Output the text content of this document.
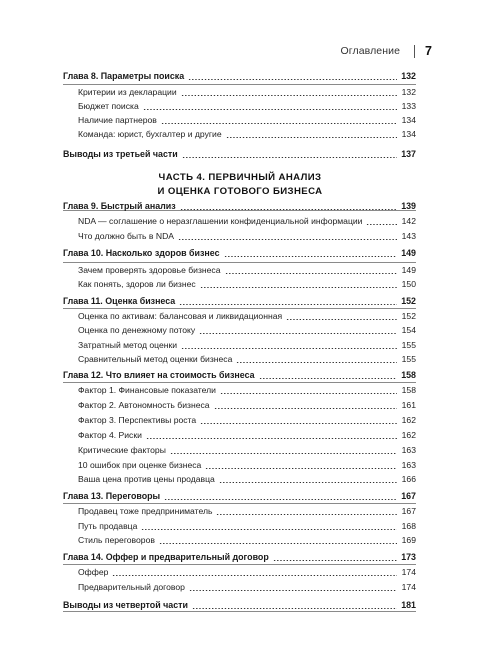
Оглавление 7
ЧАСТЬ 4. ПЕРВИЧНЫЙ АНАЛИЗ
И ОЦЕНКА ГОТОВОГО БИЗНЕСА
Глава 8. Параметры поиска	132
Критерии из декларации	132
Бюджет поиска	133
Наличие партнеров	134
Команда: юрист, бухгалтер и другие	134
Выводы из третьей части	137
Глава 9. Быстрый анализ	139
NDA — соглашение о неразглашении конфиденциальной информации	142
Что должно быть в NDA	143
Глава 10. Насколько здоров бизнес	149
Зачем проверять здоровье бизнеса	149
Как понять, здоров ли бизнес	150
Глава 11. Оценка бизнеса	152
Оценка по активам: балансовая и ликвидационная	152
Оценка по денежному потоку	154
Затратный метод оценки	155
Сравнительный метод оценки бизнеса	155
Глава 12. Что влияет на стоимость бизнеса	158
Фактор 1. Финансовые показатели	158
Фактор 2. Автономность бизнеса	161
Фактор 3. Перспективы роста	162
Фактор 4. Риски	162
Критические факторы	163
10 ошибок при оценке бизнеса	163
Ваша цена против цены продавца	166
Глава 13. Переговоры	167
Продавец тоже предприниматель	167
Путь продавца	168
Стиль переговоров	169
Глава 14. Оффер и предварительный договор	173
Оффер	174
Предварительный договор	174
Выводы из четвертой части	181
